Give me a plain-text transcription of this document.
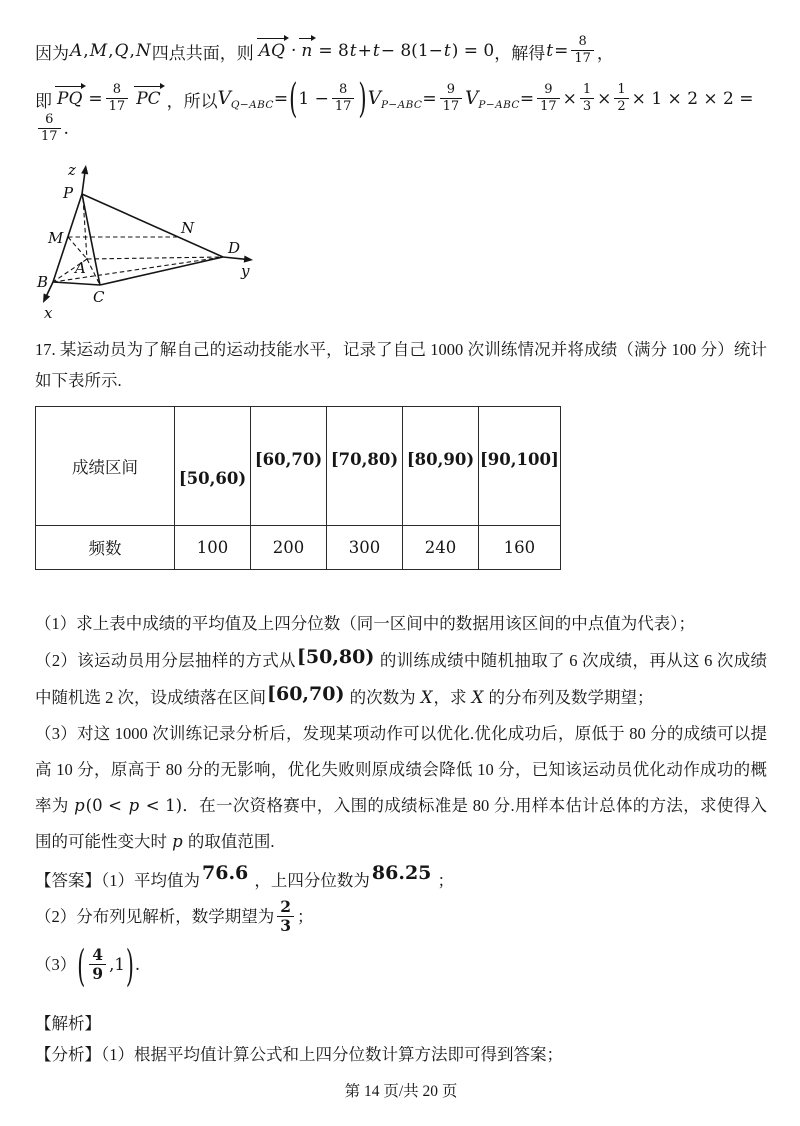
因为 A , M , Q , N 四点共面，则 AQ · n = 8 t + t − 8(1− t ) = 0 ，解得 $t = \frac{8}{17}$ ，
即 PQ = $\frac{8}{17}$ PC ，所以 $V_{Q-ABC}$ = ( $1 - \frac{8}{17}$ ) $V_{P-ABC} = \frac{9}{17} V_{P-ABC} = \frac{9}{17} \times \frac{1}{3} \times \frac{1}{2} \times 1 \times 2 \times 2$ =
$\frac{6}{17}$ .
z
P
M
N
D
y
A
B
C
x
17. 某运动员为了解自己的运动技能水平，记录了自己 1000 次训练情况并将成绩（满分 100 分）统计如下表所示.
成绩区间	[50,60)	[60,70)	[70,80)	[80,90)	[90,100]
频数	100	200	300	240	160
（1）求上表中成绩的平均值及上四分位数（同一区间中的数据用该区间的中点值为代表）；
（2）该运动员用分层抽样的方式从[50,80) 的训练成绩中随机抽取了 6 次成绩，再从这 6 次成绩中随机选 2 次，设成绩落在区间[60,70) 的次数为 X，求 X 的分布列及数学期望；
（3）对这 1000 次训练记录分析后，发现某项动作可以优化.优化成功后，原低于 80 分的成绩可以提高 10 分，原高于 80 分的无影响，优化失败则原成绩会降低 10 分，已知该运动员优化动作成功的概率为 p(0 < p < 1)．在一次资格赛中，入围的成绩标准是 80 分.用样本估计总体的方法，求使得入围的可能性变大时 p 的取值范围.
【答案】（1）平均值为 76.6 ，上四分位数为 86.25 ；
（2）分布列见解析，数学期望为 $\frac{2}{3}$ ；
$(3)( \frac{4}{9} ,1)$.
【解析】
【分析】（1）根据平均值计算公式和上四分位数计算方法即可得到答案；
第 14 页/共 20 页
